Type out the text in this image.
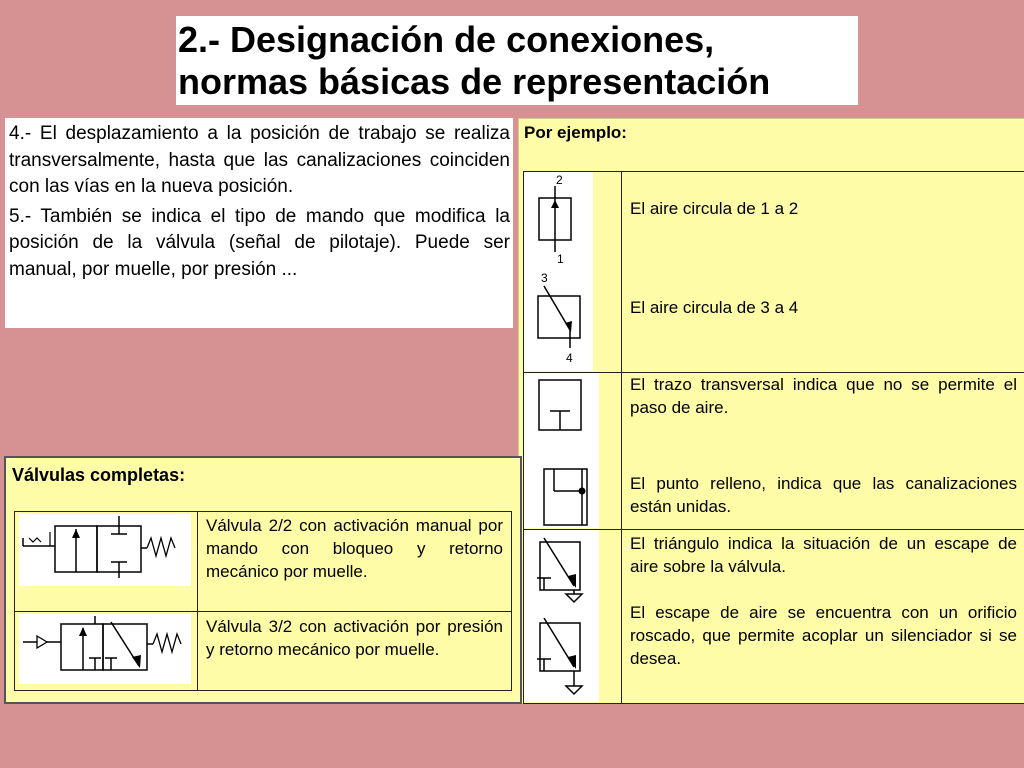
2.- Designación de conexiones,
normas básicas de representación

4.- El desplazamiento a la posición de trabajo se realiza transversalmente, hasta que las canalizaciones coinciden con las vías en la nueva posición.

5.- También se indica el tipo de mando que modifica la posición de la válvula (señal de pilotaje). Puede ser manual, por muelle, por presión ...

Por ejemplo:
2
1
3
4

El aire circula de 1 a 2

El aire circula de 3 a 4

El trazo transversal indica que no se permite el paso de aire.

El punto relleno, indica que las canalizaciones están unidas.

El triángulo indica la situación de un escape de aire sobre la válvula.

El escape de aire se encuentra con un orificio roscado, que permite acoplar un silenciador si se desea.

Válvulas completas:

Válvula 2/2 con activación manual por mando con bloqueo y retorno mecánico por muelle.

Válvula 3/2 con activación por presión y retorno mecánico por muelle.
